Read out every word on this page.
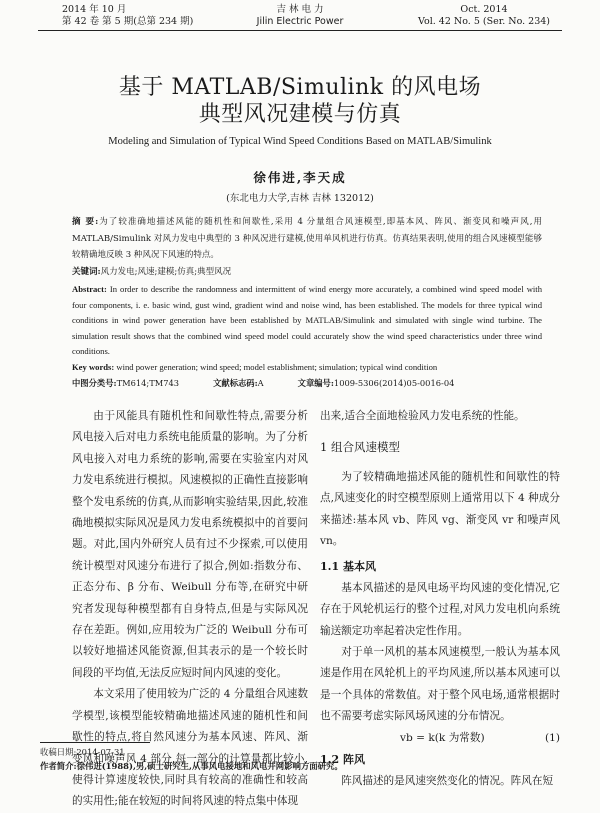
2014 年 10 月
第 42 卷 第 5 期(总第 234 期)
吉 林 电 力
Jilin Electric Power
Oct. 2014
Vol. 42 No. 5 (Ser. No. 234)
基于 MATLAB/Simulink 的风电场
典型风况建模与仿真
Modeling and Simulation of Typical Wind Speed Conditions Based on MATLAB/Simulink
徐伟进,李天成
(东北电力大学,吉林 吉林 132012)
摘 要:为了较准确地描述风能的随机性和间歇性,采用 4 分量组合风速模型,即基本风、阵风、渐变风和噪声风,用 MATLAB/Simulink 对风力发电中典型的 3 种风况进行建模,使用单风机进行仿真。仿真结果表明,使用的组合风速模型能够较精确地反映 3 种风况下风速的特点。
关键词:风力发电;风速;建模;仿真;典型风况
Abstract: In order to describe the randomness and intermittent of wind energy more accurately, a combined wind speed model with four components, i. e. basic wind, gust wind, gradient wind and noise wind, has been established. The models for three typical wind conditions in wind power generation have been established by MATLAB/Simulink and simulated with single wind turbine. The simulation result shows that the combined wind speed model could accurately show the wind speed characteristics under three wind conditions.
Key words: wind power generation; wind speed; model establishment; simulation; typical wind condition
中图分类号:TM614;TM743	文献标志码:A	文章编号:1009-5306(2014)05-0016-04

由于风能具有随机性和间歇性特点,需要分析风电接入后对电力系统电能质量的影响。为了分析风电接入对电力系统的影响,需要在实验室内对风力发电系统进行模拟。风速模拟的正确性直接影响整个发电系统的仿真,从而影响实验结果,因此,较准确地模拟实际风况是风力发电系统模拟中的首要问题。对此,国内外研究人员有过不少探索,可以使用统计模型对风速分布进行了拟合,例如:指数分布、正态分布、β 分布、Weibull 分布等,在研究中研究者发现每种模型都有自身特点,但是与实际风况存在差距。例如,应用较为广泛的 Weibull 分布可以较好地描述风能资源,但其表示的是一个较长时间段的平均值,无法反应短时间内风速的变化。

本文采用了使用较为广泛的 4 分量组合风速数学模型,该模型能较精确地描述风速的随机性和间歇性的特点,将自然风速分为基本风速、阵风、渐变风和噪声风 4 部分,每一部分的计算量都比较小,使得计算速度较快,同时具有较高的准确性和较高的实用性;能在较短的时间将风速的特点集中体现

出来,适合全面地检验风力发电系统的性能。

1 组合风速模型

为了较精确地描述风能的随机性和间歇性的特点,风速变化的时空模型原则上通常用以下 4 种成分来描述:基本风 vb、阵风 vg、渐变风 vr 和噪声风 vn。

1.1 基本风

基本风描述的是风电场平均风速的变化情况,它存在于风轮机运行的整个过程,对风力发电机向系统输送额定功率起着决定性作用。

对于单一风机的基本风速模型,一般认为基本风速是作用在风轮机上的平均风速,所以基本风速可以是一个具体的常数值。对于整个风电场,通常根据时也不需要考虑实际风场风速的分布情况。

vb = k(k 为常数)	(1)

1.2 阵风

阵风描述的是风速突然变化的情况。阵风在短

收稿日期:2014-07-31
作者简介:徐伟进(1988),男,硕士研究生,从事风电接地和风电并网影响方面研究。
